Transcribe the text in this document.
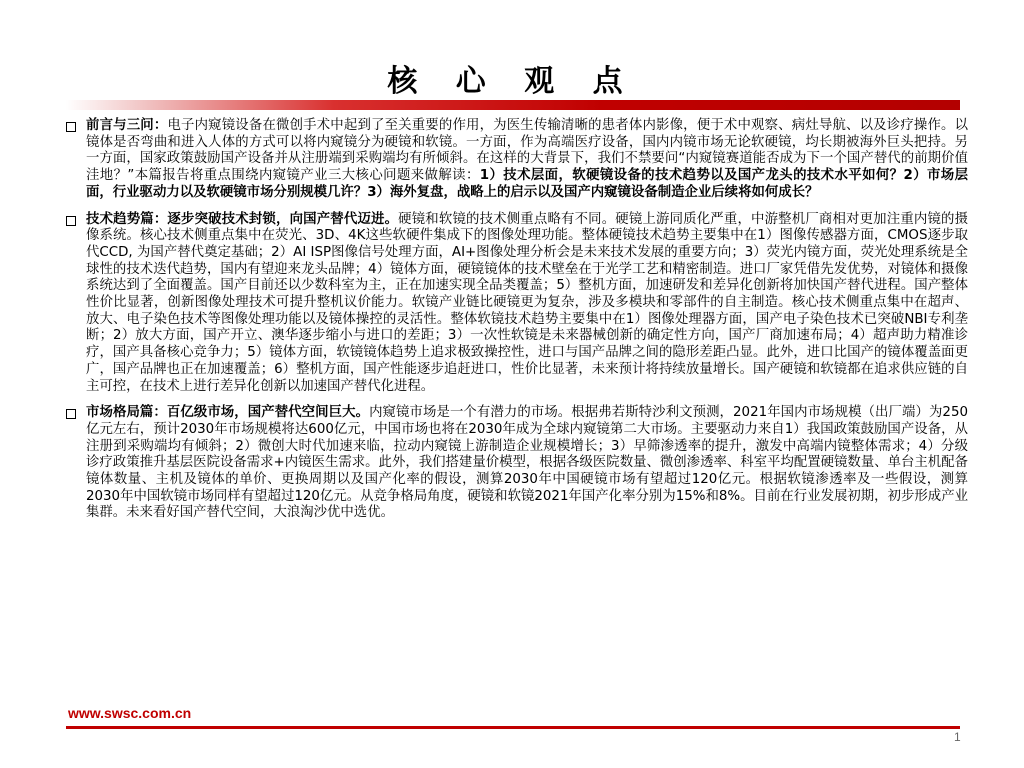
核 心 观 点
前言与三问：电子内窥镜设备在微创手术中起到了至关重要的作用，为医生传输清晰的患者体内影像，便于术中观察、病灶导航、以及诊疗操作。以镜体是否弯曲和进入人体的方式可以将内窥镜分为硬镜和软镜。一方面，作为高端医疗设备，国内内镜市场无论软硬镜，均长期被海外巨头把持。另一方面，国家政策鼓励国产设备并从注册端到采购端均有所倾斜。在这样的大背景下，我们不禁要问“内窥镜赛道能否成为下一个国产替代的前期价值洼地？”本篇报告将重点围绕内窥镜产业三大核心问题来做解读：1）技术层面，软硬镜设备的技术趋势以及国产龙头的技术水平如何？2）市场层面，行业驱动力以及软硬镜市场分别规模几许？3）海外复盘，战略上的启示以及国产内窥镜设备制造企业后续将如何成长？
技术趋势篇：逐步突破技术封锁，向国产替代迈进。硬镜和软镜的技术侧重点略有不同。硬镜上游同质化严重，中游整机厂商相对更加注重内镜的摄像系统。核心技术侧重点集中在荧光、3D、4K这些软硬件集成下的图像处理功能。整体硬镜技术趋势主要集中在1）图像传感器方面，CMOS逐步取代CCD, 为国产替代奠定基础；2）AI ISP图像信号处理方面，AI+图像处理分析会是未来技术发展的重要方向；3）荧光内镜方面，荧光处理系统是全球性的技术迭代趋势，国内有望迎来龙头品牌；4）镜体方面，硬镜镜体的技术壁垒在于光学工艺和精密制造。进口厂家凭借先发优势，对镜体和摄像系统达到了全面覆盖。国产目前还以少数科室为主，正在加速实现全品类覆盖；5）整机方面，加速研发和差异化创新将加快国产替代进程。国产整体性价比显著，创新图像处理技术可提升整机议价能力。软镜产业链比硬镜更为复杂，涉及多模块和零部件的自主制造。核心技术侧重点集中在超声、放大、电子染色技术等图像处理功能以及镜体操控的灵活性。整体软镜技术趋势主要集中在1）图像处理器方面，国产电子染色技术已突破NBI专利垄断；2）放大方面，国产开立、澳华逐步缩小与进口的差距；3）一次性软镜是未来器械创新的确定性方向，国产厂商加速布局；4）超声助力精准诊疗，国产具备核心竞争力；5）镜体方面，软镜镜体趋势上追求极致操控性，进口与国产品牌之间的隐形差距凸显。此外，进口比国产的镜体覆盖面更广，国产品牌也正在加速覆盖；6）整机方面，国产性能逐步追赶进口，性价比显著，未来预计将持续放量增长。国产硬镜和软镜都在追求供应链的自主可控，在技术上进行差异化创新以加速国产替代化进程。
市场格局篇：百亿级市场，国产替代空间巨大。内窥镜市场是一个有潜力的市场。根据弗若斯特沙利文预测，2021年国内市场规模（出厂端）为250亿元左右，预计2030年市场规模将达600亿元，中国市场也将在2030年成为全球内窥镜第二大市场。主要驱动力来自1）我国政策鼓励国产设备，从注册到采购端均有倾斜；2）微创大时代加速来临，拉动内窥镜上游制造企业规模增长；3）早筛渗透率的提升，激发中高端内镜整体需求；4）分级诊疗政策推升基层医院设备需求+内镜医生需求。此外，我们搭建量价模型，根据各级医院数量、微创渗透率、科室平均配置硬镜数量、单台主机配备镜体数量、主机及镜体的单价、更换周期以及国产化率的假设，测算2030年中国硬镜市场有望超过120亿元。根据软镜渗透率及一些假设，测算2030年中国软镜市场同样有望超过120亿元。从竞争格局角度，硬镜和软镜2021年国产化率分别为15%和8%。目前在行业发展初期，初步形成产业集群。未来看好国产替代空间，大浪淘沙优中选优。
www.swsc.com.cn
1
